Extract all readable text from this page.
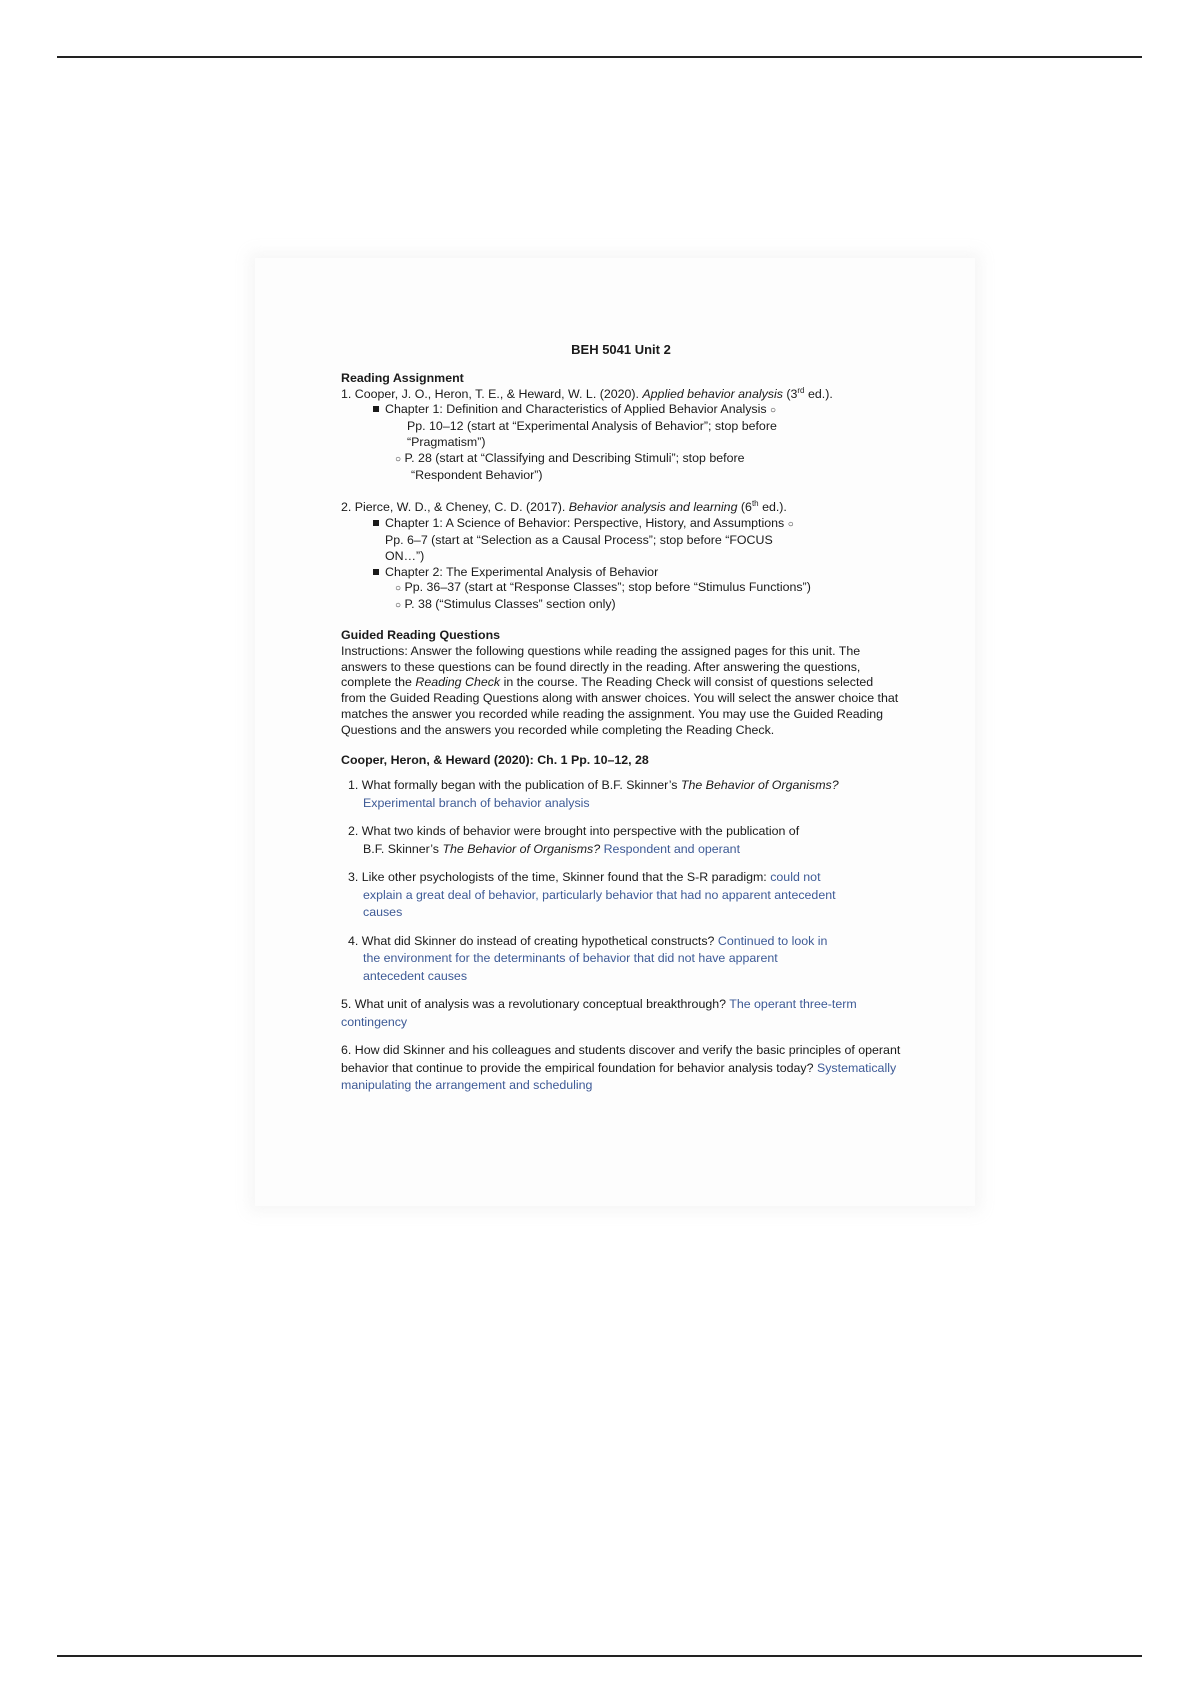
BEH 5041 Unit 2
Reading Assignment

1. Cooper, J. O., Heron, T. E., & Heward, W. L. (2020). Applied behavior analysis (3rd ed.).

Chapter 1: Definition and Characteristics of Applied Behavior Analysis ○

Pp. 10–12 (start at “Experimental Analysis of Behavior”; stop before

“Pragmatism”)

○ P. 28 (start at “Classifying and Describing Stimuli”; stop before

“Respondent Behavior”)

2. Pierce, W. D., & Cheney, C. D. (2017). Behavior analysis and learning (6th ed.).

Chapter 1: A Science of Behavior: Perspective, History, and Assumptions ○

Pp. 6–7 (start at “Selection as a Causal Process”; stop before “FOCUS

ON…”)

Chapter 2: The Experimental Analysis of Behavior

○ Pp. 36–37 (start at “Response Classes”; stop before “Stimulus Functions”)

○ P. 38 (“Stimulus Classes” section only)

Guided Reading Questions

Instructions: Answer the following questions while reading the assigned pages for this unit. The answers to these questions can be found directly in the reading. After answering the questions, complete the Reading Check in the course. The Reading Check will consist of questions selected from the Guided Reading Questions along with answer choices. You will select the answer choice that matches the answer you recorded while reading the assignment. You may use the Guided Reading Questions and the answers you recorded while completing the Reading Check.

Cooper, Heron, & Heward (2020): Ch. 1 Pp. 10–12, 28

1. What formally began with the publication of B.F. Skinner’s The Behavior of Organisms? Experimental branch of behavior analysis

2. What two kinds of behavior were brought into perspective with the publication of B.F. Skinner’s The Behavior of Organisms? Respondent and operant

3. Like other psychologists of the time, Skinner found that the S-R paradigm: could not explain a great deal of behavior, particularly behavior that had no apparent antecedent causes

4. What did Skinner do instead of creating hypothetical constructs? Continued to look in the environment for the determinants of behavior that did not have apparent antecedent causes

5. What unit of analysis was a revolutionary conceptual breakthrough? The operant three-term contingency

6. How did Skinner and his colleagues and students discover and verify the basic principles of operant behavior that continue to provide the empirical foundation for behavior analysis today? Systematically manipulating the arrangement and scheduling
